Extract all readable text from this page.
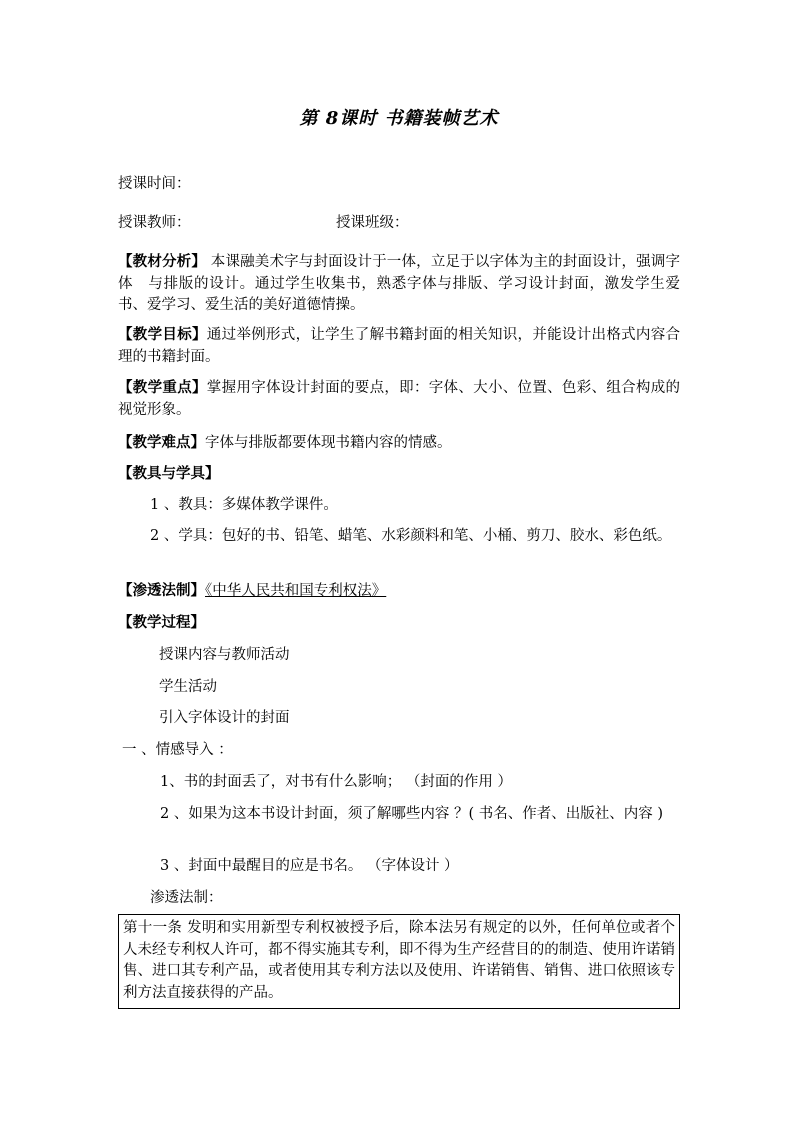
第 8课时 书籍装帧艺术
授课时间：
授课教师：	授课班级：
【教材分析】 本课融美术字与封面设计于一体，立足于以字体为主的封面设计，强调字体　与排版的设计。通过学生收集书，熟悉字体与排版、学习设计封面，激发学生爱书、爱学习、爱生活的美好道德情操。
【教学目标】通过举例形式，让学生了解书籍封面的相关知识，并能设计出格式内容合理的书籍封面。
【教学重点】掌握用字体设计封面的要点，即：字体、大小、位置、色彩、组合构成的视觉形象。
【教学难点】字体与排版都要体现书籍内容的情感。
【教具与学具】
1 、教具：多媒体教学课件。
2 、学具：包好的书、铅笔、蜡笔、水彩颜料和笔、小桶、剪刀、胶水、彩色纸。
【渗透法制】《中华人民共和国专利权法》
【教学过程】
授课内容与教师活动
学生活动
引入字体设计的封面
一 、情感导入 ：
1、书的封面丢了，对书有什么影响； （封面的作用 ）
2 、如果为这本书设计封面，须了解哪些内容 ？( 书名、作者、出版社、内容 )
3 、封面中最醒目的应是书名。 （字体设计 ）
渗透法制：
第十一条 发明和实用新型专利权被授予后，除本法另有规定的以外，任何单位或者个人未经专利权人许可，都不得实施其专利，即不得为生产经营目的的制造、使用许诺销售、进口其专利产品，或者使用其专利方法以及使用、许诺销售、销售、进口依照该专利方法直接获得的产品。
